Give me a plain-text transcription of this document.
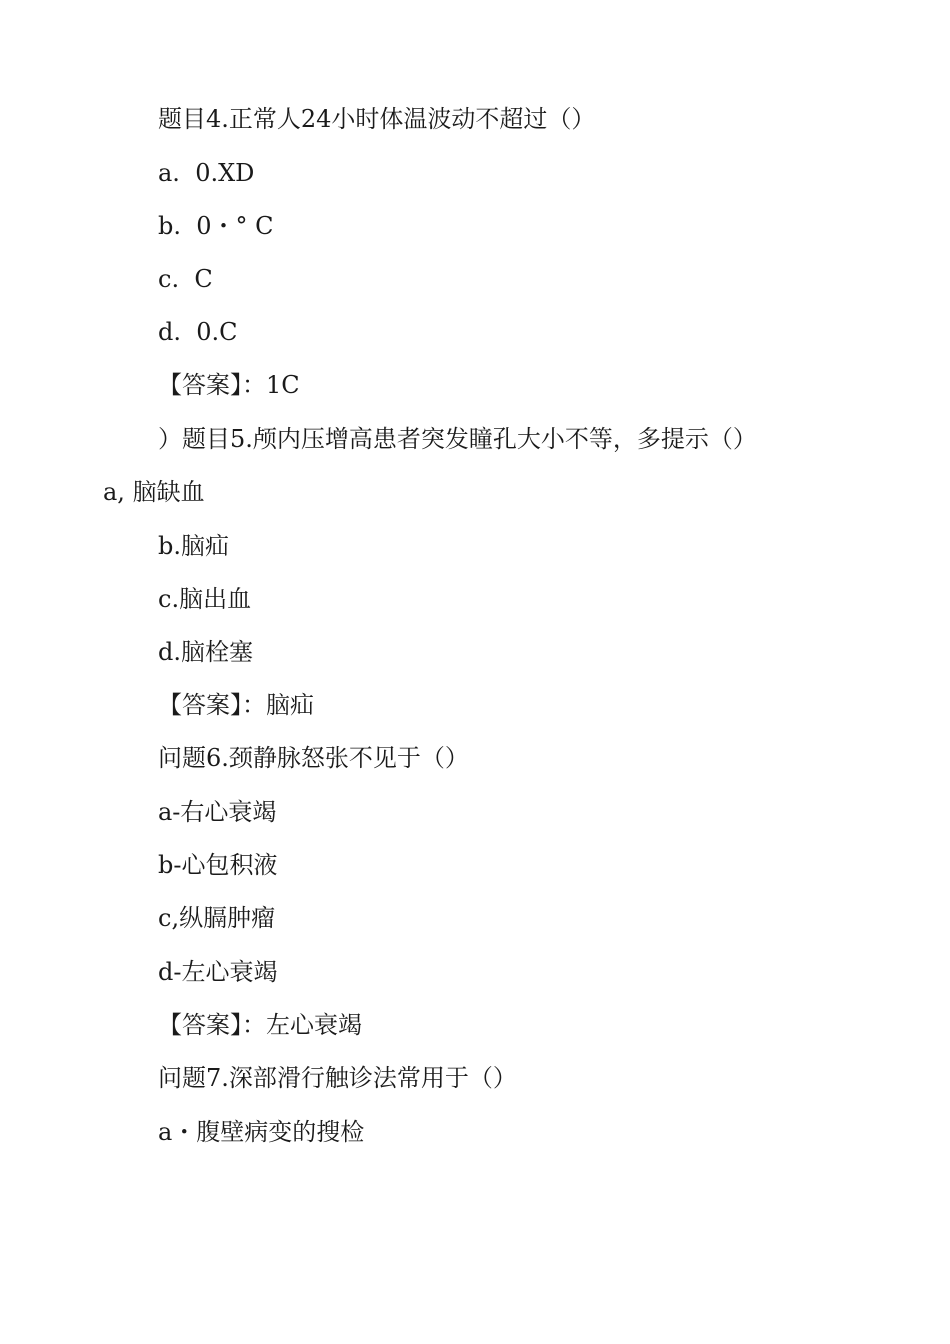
题目4.正常人24小时体温波动不超过（）
a.  0.XD
b.  0・° C
c.  C
d.  0.C
【答案】：1C
）题目5.颅内压增高患者突发瞳孔大小不等，多提示（）
a, 脑缺血
b.脑疝
c.脑出血
d.脑栓塞
【答案】：脑疝
问题6.颈静脉怒张不见于（）
a-右心衰竭
b-心包积液
c,纵膈肿瘤
d-左心衰竭
【答案】：左心衰竭
问题7.深部滑行触诊法常用于（）
a・腹壁病变的搜检
